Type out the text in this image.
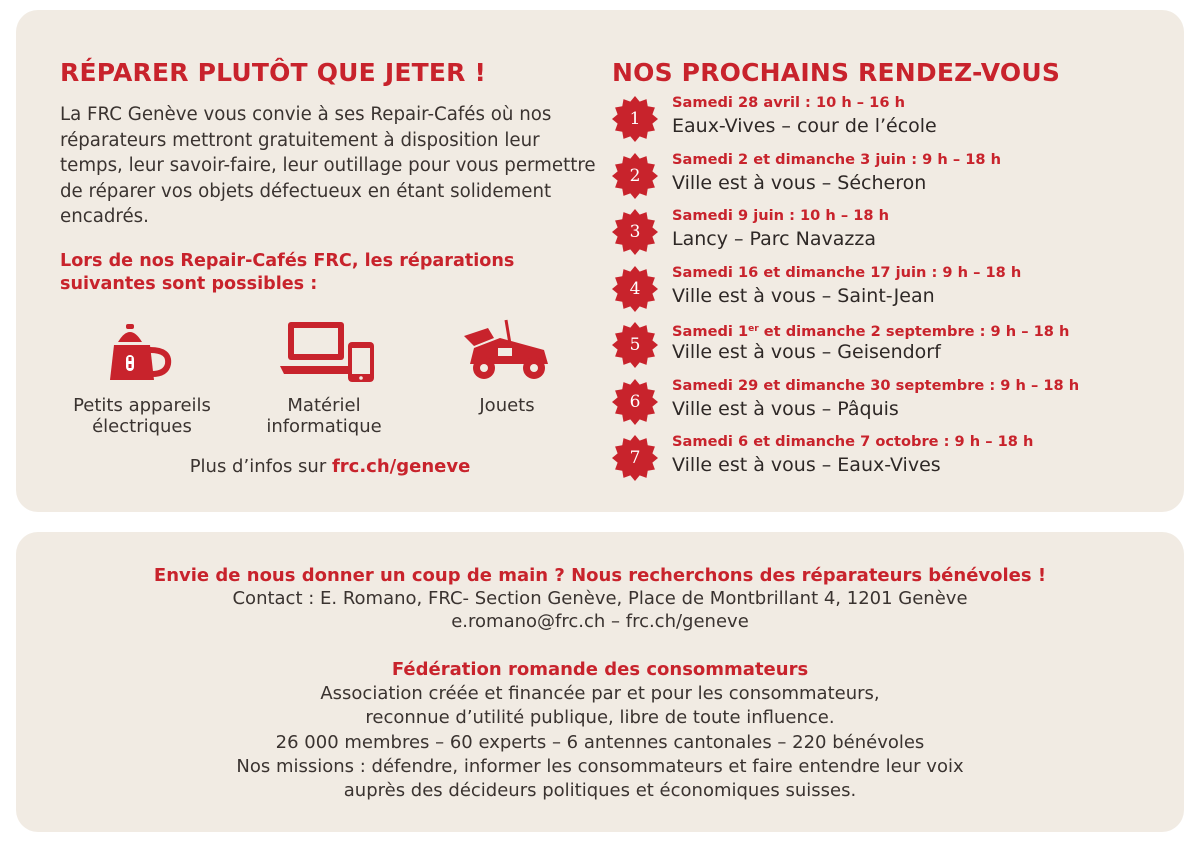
RÉPARER PLUTÔT QUE JETER !

La FRC Genève vous convie à ses Repair-Cafés où nos réparateurs mettront gratuitement à disposition leur temps, leur savoir-faire, leur outillage pour vous permettre de réparer vos objets défectueux en étant solidement encadrés.

Lors de nos Repair-Cafés FRC, les réparations suivantes sont possibles :

Petits appareils
électriques
Matériel
informatique
Jouets
Plus d’infos sur frc.ch/geneve
NOS PROCHAINS RENDEZ-VOUS
1
Samedi 28 avril : 10 h – 16 h
Eaux-Vives – cour de l’école
2
Samedi 2 et dimanche 3 juin : 9 h – 18 h
Ville est à vous – Sécheron
3
Samedi 9 juin : 10 h – 18 h
Lancy – Parc Navazza
4
Samedi 16 et dimanche 17 juin : 9 h – 18 h
Ville est à vous – Saint-Jean
5
Samedi 1er et dimanche 2 septembre : 9 h – 18 h
Ville est à vous – Geisendorf
6
Samedi 29 et dimanche 30 septembre : 9 h – 18 h
Ville est à vous – Pâquis
7
Samedi 6 et dimanche 7 octobre : 9 h – 18 h
Ville est à vous – Eaux-Vives

Envie de nous donner un coup de main ? Nous recherchons des réparateurs bénévoles !

Contact : E. Romano, FRC- Section Genève, Place de Montbrillant 4, 1201 Genève

e.romano@frc.ch – frc.ch/geneve

Fédération romande des consommateurs

Association créée et financée par et pour les consommateurs,

reconnue d’utilité publique, libre de toute influence.

26 000 membres – 60 experts – 6 antennes cantonales – 220 bénévoles

Nos missions : défendre, informer les consommateurs et faire entendre leur voix

auprès des décideurs politiques et économiques suisses.
